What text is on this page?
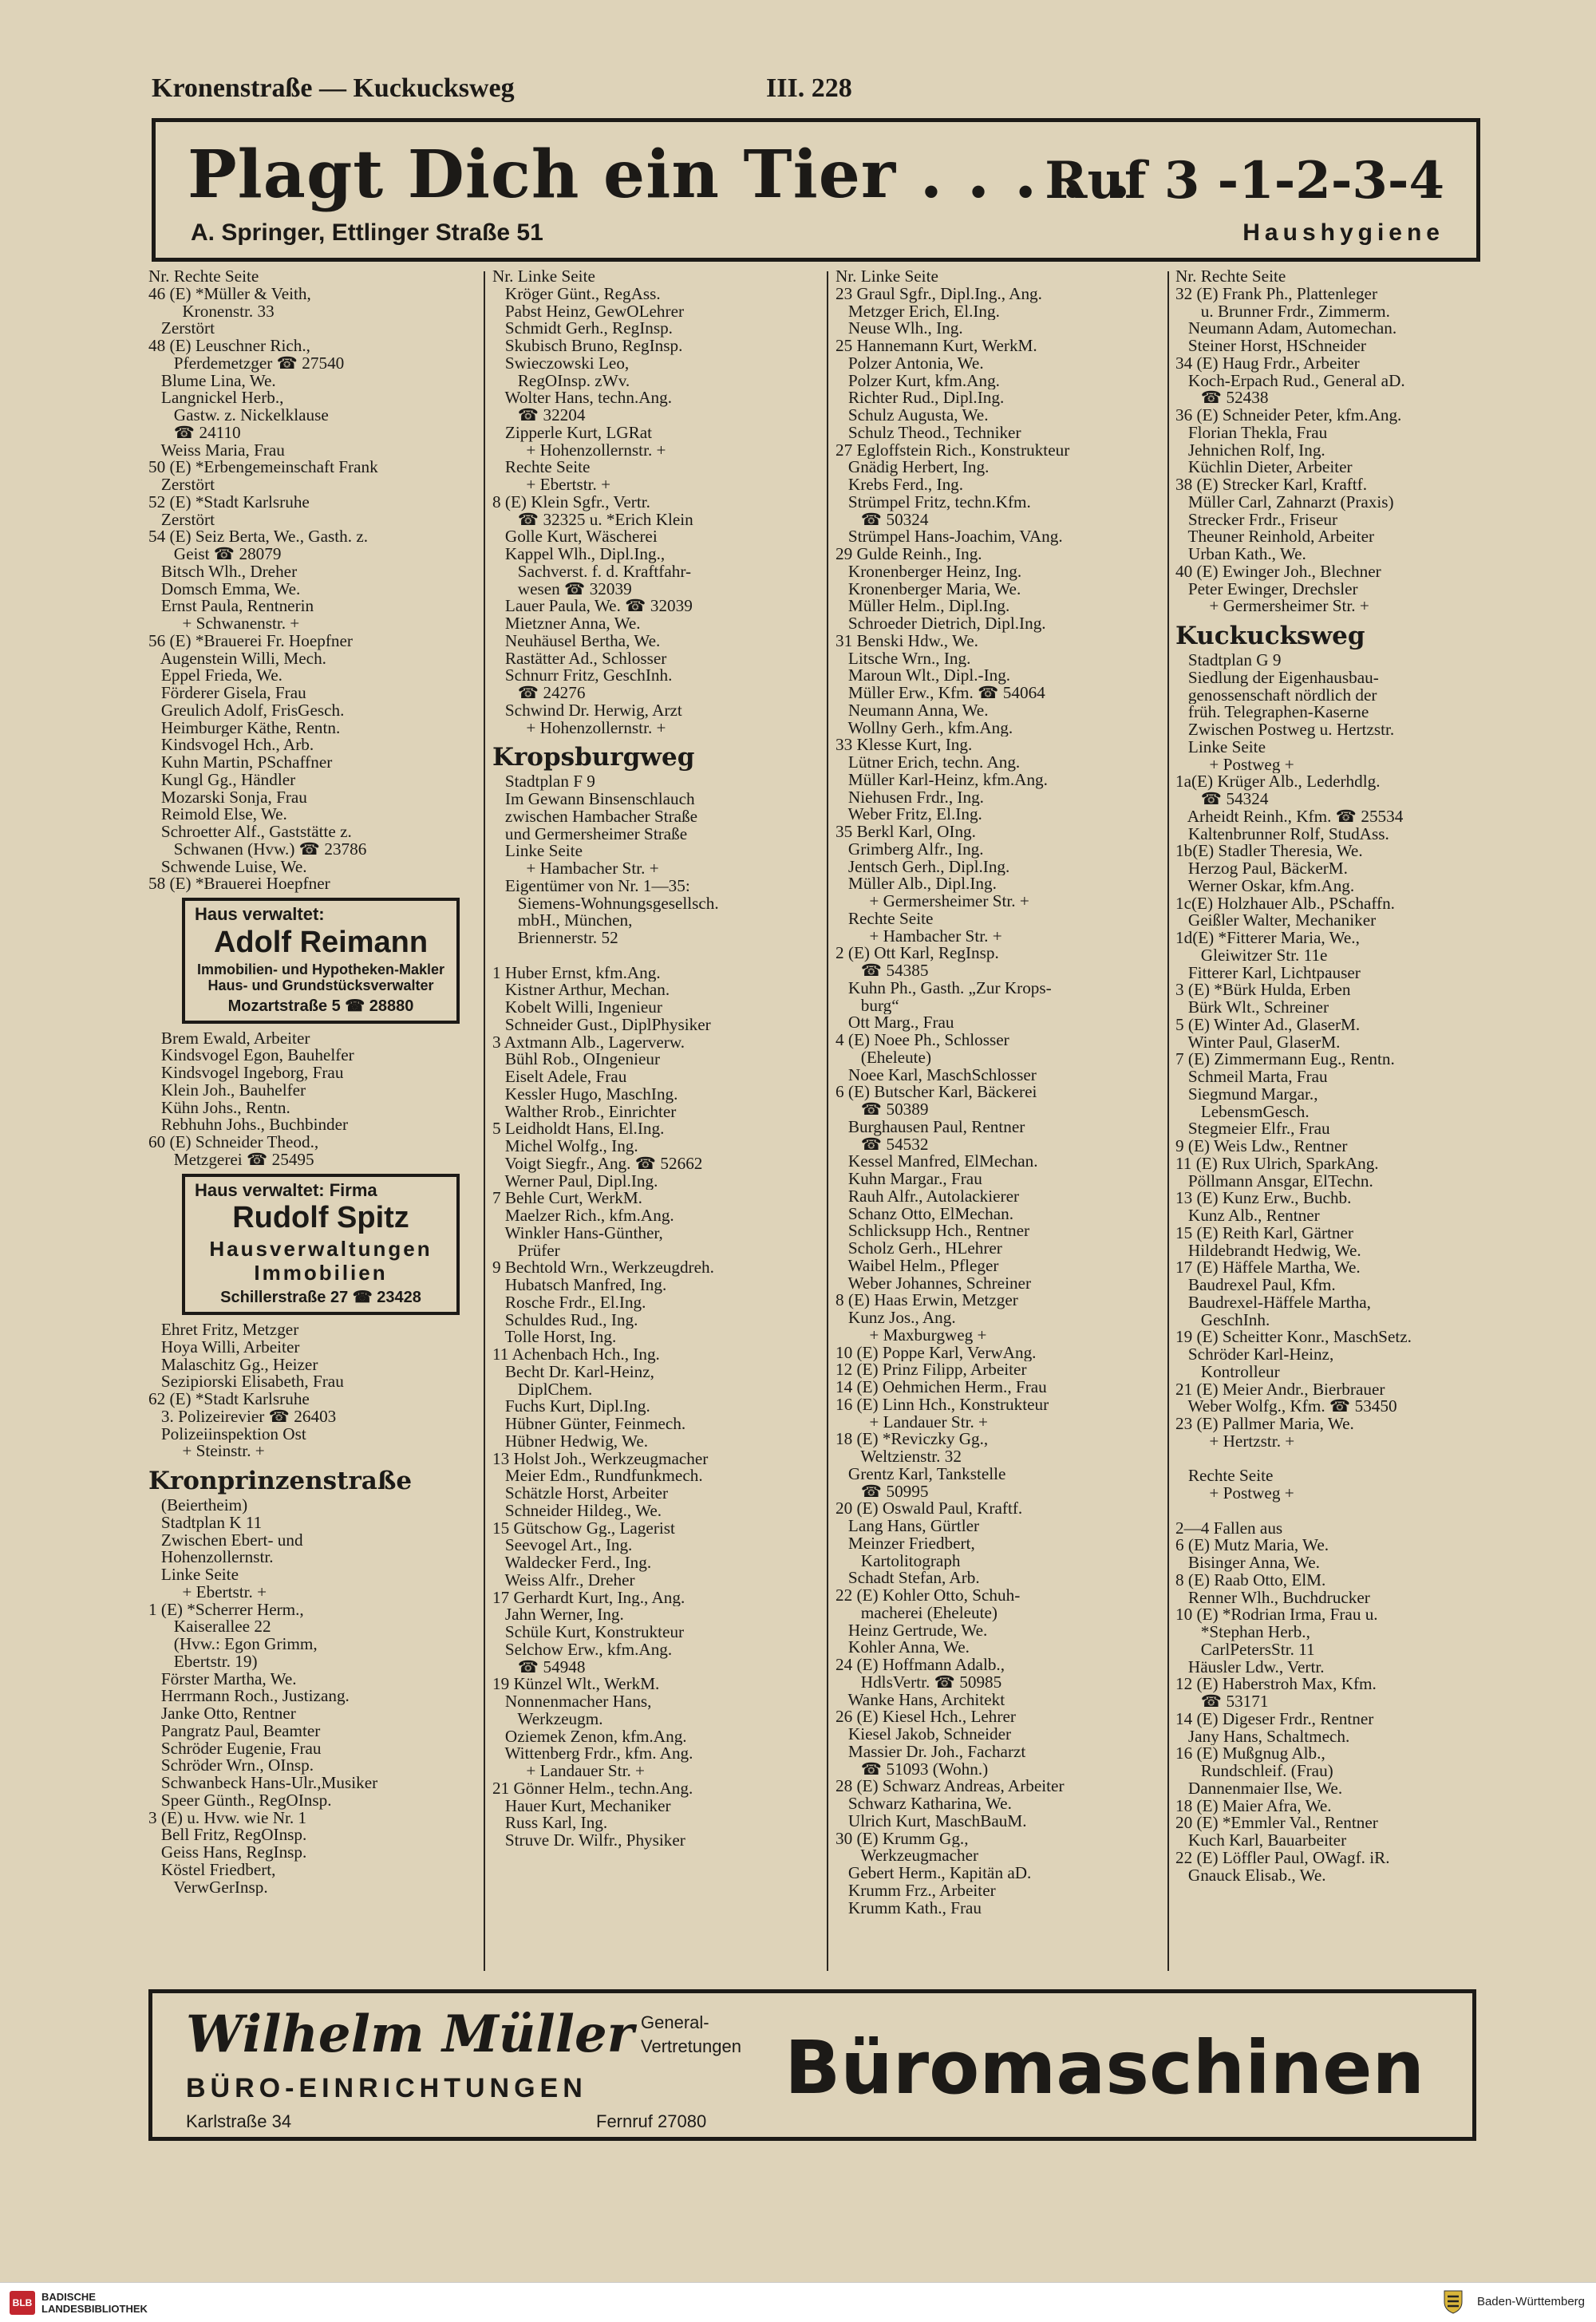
Kronenstraße — Kuckucksweg	III. 228
Plagt Dich ein Tier . . . . .
Ruf 3 -1-2-3-4
A. Springer, Ettlinger Straße 51	Haushygiene
Nr. Rechte Seite
46 (E) *Müller & Veith,
Kronenstr. 33
Zerstört
48 (E) Leuschner Rich.,
Pferdemetzger ☎ 27540
Blume Lina, We.
Langnickel Herb.,
Gastw. z. Nickelklause
☎ 24110
Weiss Maria, Frau
50 (E) *Erbengemeinschaft Frank
Zerstört
52 (E) *Stadt Karlsruhe
Zerstört
54 (E) Seiz Berta, We., Gasth. z.
Geist ☎ 28079
Bitsch Wlh., Dreher
Domsch Emma, We.
Ernst Paula, Rentnerin
+ Schwanenstr. +
56 (E) *Brauerei Fr. Hoepfner
Augenstein Willi, Mech.
Eppel Frieda, We.
Förderer Gisela, Frau
Greulich Adolf, FrisGesch.
Heimburger Käthe, Rentn.
Kindsvogel Hch., Arb.
Kuhn Martin, PSchaffner
Kungl Gg., Händler
Mozarski Sonja, Frau
Reimold Else, We.
Schroetter Alf., Gaststätte z.
Schwanen (Hvw.) ☎ 23786
Schwende Luise, We.
58 (E) *Brauerei Hoepfner
Haus verwaltet:
Adolf Reimann
Immobilien- und Hypotheken-Makler
Haus- und Grundstücksverwalter
Mozartstraße 5 ☎ 28880
Brem Ewald, Arbeiter
Kindsvogel Egon, Bauhelfer
Kindsvogel Ingeborg, Frau
Klein Joh., Bauhelfer
Kühn Johs., Rentn.
Rebhuhn Johs., Buchbinder
60 (E) Schneider Theod.,
Metzgerei ☎ 25495
Haus verwaltet: Firma
Rudolf Spitz
Hausverwaltungen
Immobilien
Schillerstraße 27 ☎ 23428
Ehret Fritz, Metzger
Hoya Willi, Arbeiter
Malaschitz Gg., Heizer
Sezipiorski Elisabeth, Frau
62 (E) *Stadt Karlsruhe
3. Polizeirevier ☎ 26403
Polizeiinspektion Ost
+ Steinstr. +
Kronprinzenstraße
(Beiertheim)
Stadtplan K 11
Zwischen Ebert- und
Hohenzollernstr.
Linke Seite
+ Ebertstr. +
1 (E) *Scherrer Herm.,
Kaiserallee 22
(Hvw.: Egon Grimm,
Ebertstr. 19)
Förster Martha, We.
Herrmann Roch., Justizang.
Janke Otto, Rentner
Pangratz Paul, Beamter
Schröder Eugenie, Frau
Schröder Wrn., OInsp.
Schwanbeck Hans-Ulr.,Musiker
Speer Günth., RegOInsp.
3 (E) u. Hvw. wie Nr. 1
Bell Fritz, RegOInsp.
Geiss Hans, RegInsp.
Köstel Friedbert,
VerwGerInsp.
Nr. Linke Seite
Kröger Günt., RegAss.
Pabst Heinz, GewOLehrer
Schmidt Gerh., RegInsp.
Skubisch Bruno, RegInsp.
Swieczowski Leo,
RegOInsp. zWv.
Wolter Hans, techn.Ang.
☎ 32204
Zipperle Kurt, LGRat
+ Hohenzollernstr. +
Rechte Seite
+ Ebertstr. +
8 (E) Klein Sgfr., Vertr.
☎ 32325 u. *Erich Klein
Golle Kurt, Wäscherei
Kappel Wlh., Dipl.Ing.,
Sachverst. f. d. Kraftfahr-
wesen ☎ 32039
Lauer Paula, We. ☎ 32039
Mietzner Anna, We.
Neuhäusel Bertha, We.
Rastätter Ad., Schlosser
Schnurr Fritz, GeschInh.
☎ 24276
Schwind Dr. Herwig, Arzt
+ Hohenzollernstr. +
Kropsburgweg
Stadtplan F 9
Im Gewann Binsenschlauch
zwischen Hambacher Straße
und Germersheimer Straße
Linke Seite
+ Hambacher Str. +
Eigentümer von Nr. 1—35:
Siemens-Wohnungsgesellsch.
mbH., München,
Briennerstr. 52

1 Huber Ernst, kfm.Ang.
Kistner Arthur, Mechan.
Kobelt Willi, Ingenieur
Schneider Gust., DiplPhysiker
3 Axtmann Alb., Lagerverw.
Bühl Rob., OIngenieur
Eiselt Adele, Frau
Kessler Hugo, MaschIng.
Walther Rrob., Einrichter
5 Leidholdt Hans, El.Ing.
Michel Wolfg., Ing.
Voigt Siegfr., Ang. ☎ 52662
Werner Paul, Dipl.Ing.
7 Behle Curt, WerkM.
Maelzer Rich., kfm.Ang.
Winkler Hans-Günther,
Prüfer
9 Bechtold Wrn., Werkzeugdreh.
Hubatsch Manfred, Ing.
Rosche Frdr., El.Ing.
Schuldes Rud., Ing.
Tolle Horst, Ing.
11 Achenbach Hch., Ing.
Becht Dr. Karl-Heinz,
DiplChem.
Fuchs Kurt, Dipl.Ing.
Hübner Günter, Feinmech.
Hübner Hedwig, We.
13 Holst Joh., Werkzeugmacher
Meier Edm., Rundfunkmech.
Schätzle Horst, Arbeiter
Schneider Hildeg., We.
15 Gütschow Gg., Lagerist
Seevogel Art., Ing.
Waldecker Ferd., Ing.
Weiss Alfr., Dreher
17 Gerhardt Kurt, Ing., Ang.
Jahn Werner, Ing.
Schüle Kurt, Konstrukteur
Selchow Erw., kfm.Ang.
☎ 54948
19 Künzel Wlt., WerkM.
Nonnenmacher Hans,
Werkzeugm.
Oziemek Zenon, kfm.Ang.
Wittenberg Frdr., kfm. Ang.
+ Landauer Str. +
21 Gönner Helm., techn.Ang.
Hauer Kurt, Mechaniker
Russ Karl, Ing.
Struve Dr. Wilfr., Physiker
Nr. Linke Seite
23 Graul Sgfr., Dipl.Ing., Ang.
Metzger Erich, El.Ing.
Neuse Wlh., Ing.
25 Hannemann Kurt, WerkM.
Polzer Antonia, We.
Polzer Kurt, kfm.Ang.
Richter Rud., Dipl.Ing.
Schulz Augusta, We.
Schulz Theod., Techniker
27 Egloffstein Rich., Konstrukteur
Gnädig Herbert, Ing.
Krebs Ferd., Ing.
Strümpel Fritz, techn.Kfm.
☎ 50324
Strümpel Hans-Joachim, VAng.
29 Gulde Reinh., Ing.
Kronenberger Heinz, Ing.
Kronenberger Maria, We.
Müller Helm., Dipl.Ing.
Schroeder Dietrich, Dipl.Ing.
31 Benski Hdw., We.
Litsche Wrn., Ing.
Maroun Wlt., Dipl.-Ing.
Müller Erw., Kfm. ☎ 54064
Neumann Anna, We.
Wollny Gerh., kfm.Ang.
33 Klesse Kurt, Ing.
Lütner Erich, techn. Ang.
Müller Karl-Heinz, kfm.Ang.
Niehusen Frdr., Ing.
Weber Fritz, El.Ing.
35 Berkl Karl, OIng.
Grimberg Alfr., Ing.
Jentsch Gerh., Dipl.Ing.
Müller Alb., Dipl.Ing.
+ Germersheimer Str. +
Rechte Seite
+ Hambacher Str. +
2 (E) Ott Karl, RegInsp.
☎ 54385
Kuhn Ph., Gasth. „Zur Krops-
burg“
Ott Marg., Frau
4 (E) Noee Ph., Schlosser
(Eheleute)
Noee Karl, MaschSchlosser
6 (E) Butscher Karl, Bäckerei
☎ 50389
Burghausen Paul, Rentner
☎ 54532
Kessel Manfred, ElMechan.
Kuhn Margar., Frau
Rauh Alfr., Autolackierer
Schanz Otto, ElMechan.
Schlicksupp Hch., Rentner
Scholz Gerh., HLehrer
Waibel Helm., Pfleger
Weber Johannes, Schreiner
8 (E) Haas Erwin, Metzger
Kunz Jos., Ang.
+ Maxburgweg +
10 (E) Poppe Karl, VerwAng.
12 (E) Prinz Filipp, Arbeiter
14 (E) Oehmichen Herm., Frau
16 (E) Linn Hch., Konstrukteur
+ Landauer Str. +
18 (E) *Reviczky Gg.,
Weltzienstr. 32
Grentz Karl, Tankstelle
☎ 50995
20 (E) Oswald Paul, Kraftf.
Lang Hans, Gürtler
Meinzer Friedbert,
Kartolitograph
Schadt Stefan, Arb.
22 (E) Kohler Otto, Schuh-
macherei (Eheleute)
Heinz Gertrude, We.
Kohler Anna, We.
24 (E) Hoffmann Adalb.,
HdlsVertr. ☎ 50985
Wanke Hans, Architekt
26 (E) Kiesel Hch., Lehrer
Kiesel Jakob, Schneider
Massier Dr. Joh., Facharzt
☎ 51093 (Wohn.)
28 (E) Schwarz Andreas, Arbeiter
Schwarz Katharina, We.
Ulrich Kurt, MaschBauM.
30 (E) Krumm Gg.,
Werkzeugmacher
Gebert Herm., Kapitän aD.
Krumm Frz., Arbeiter
Krumm Kath., Frau
Nr. Rechte Seite
32 (E) Frank Ph., Plattenleger
u. Brunner Frdr., Zimmerm.
Neumann Adam, Automechan.
Steiner Horst, HSchneider
34 (E) Haug Frdr., Arbeiter
Koch-Erpach Rud., General aD.
☎ 52438
36 (E) Schneider Peter, kfm.Ang.
Florian Thekla, Frau
Jehnichen Rolf, Ing.
Küchlin Dieter, Arbeiter
38 (E) Strecker Karl, Kraftf.
Müller Carl, Zahnarzt (Praxis)
Strecker Frdr., Friseur
Theuner Reinhold, Arbeiter
Urban Kath., We.
40 (E) Ewinger Joh., Blechner
Peter Ewinger, Drechsler
+ Germersheimer Str. +
Kuckucksweg
Stadtplan G 9
Siedlung der Eigenhausbau-
genossenschaft nördlich der
früh. Telegraphen-Kaserne
Zwischen Postweg u. Hertzstr.
Linke Seite
+ Postweg +
1a(E) Krüger Alb., Lederhdlg.
☎ 54324
Arheidt Reinh., Kfm. ☎ 25534
Kaltenbrunner Rolf, StudAss.
1b(E) Stadler Theresia, We.
Herzog Paul, BäckerM.
Werner Oskar, kfm.Ang.
1c(E) Holzhauer Alb., PSchaffn.
Geißler Walter, Mechaniker
1d(E) *Fitterer Maria, We.,
Gleiwitzer Str. 11e
Fitterer Karl, Lichtpauser
3 (E) *Bürk Hulda, Erben
Bürk Wlt., Schreiner
5 (E) Winter Ad., GlaserM.
Winter Paul, GlaserM.
7 (E) Zimmermann Eug., Rentn.
Schmeil Marta, Frau
Siegmund Margar.,
LebensmGesch.
Stegmeier Elfr., Frau
9 (E) Weis Ldw., Rentner
11 (E) Rux Ulrich, SparkAng.
Pöllmann Ansgar, ElTechn.
13 (E) Kunz Erw., Buchb.
Kunz Alb., Rentner
15 (E) Reith Karl, Gärtner
Hildebrandt Hedwig, We.
17 (E) Häffele Martha, We.
Baudrexel Paul, Kfm.
Baudrexel-Häffele Martha,
GeschInh.
19 (E) Scheitter Konr., MaschSetz.
Schröder Karl-Heinz,
Kontrolleur
21 (E) Meier Andr., Bierbrauer
Weber Wolfg., Kfm. ☎ 53450
23 (E) Pallmer Maria, We.
+ Hertzstr. +

Rechte Seite
+ Postweg +

2—4 Fallen aus
6 (E) Mutz Maria, We.
Bisinger Anna, We.
8 (E) Raab Otto, ElM.
Renner Wlh., Buchdrucker
10 (E) *Rodrian Irma, Frau u.
*Stephan Herb.,
CarlPetersStr. 11
Häusler Ldw., Vertr.
12 (E) Haberstroh Max, Kfm.
☎ 53171
14 (E) Digeser Frdr., Rentner
Jany Hans, Schaltmech.
16 (E) Mußgnug Alb.,
Rundschleif. (Frau)
Dannenmaier Ilse, We.
18 (E) Maier Afra, We.
20 (E) *Emmler Val., Rentner
Kuch Karl, Bauarbeiter
22 (E) Löffler Paul, OWagf. iR.
Gnauck Elisab., We.
Wilhelm Müller General-
Vertretungen
BÜRO-EINRICHTUNGEN
Karlstraße 34	Fernruf 27080
Büromaschinen
BLB BADISCHE
LANDESBIBLIOTHEK
Baden-Württemberg
